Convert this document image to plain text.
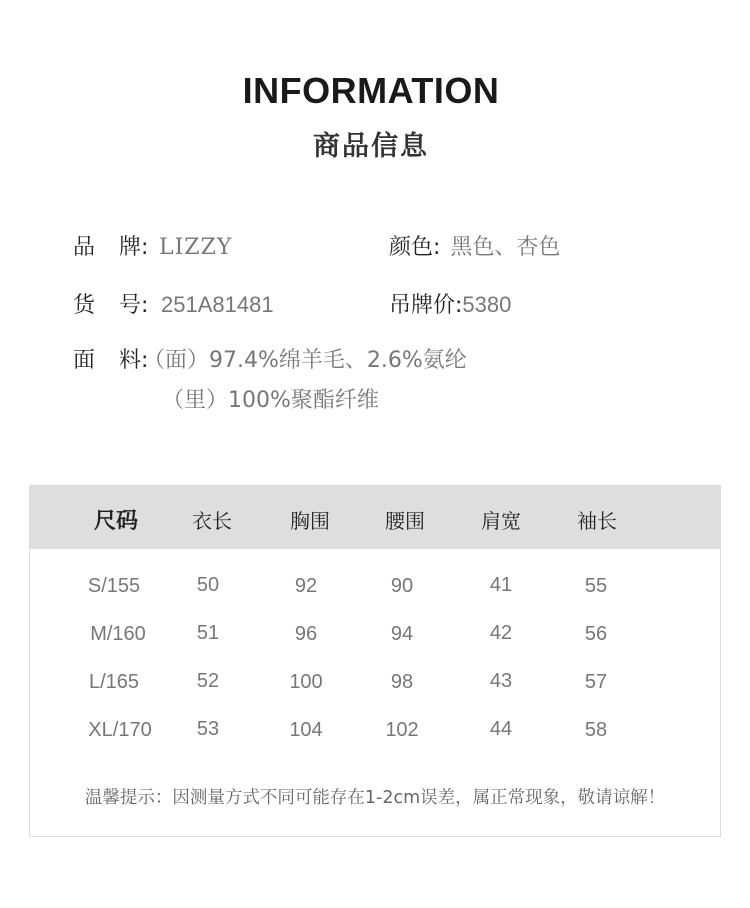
INFORMATION
商品信息
品 牌: LIZZY	颜色: 黑色、杏色
货 号: 251A81481	吊牌价:5380
面 料:（面）97.4%绵羊毛、2.6%氨纶
（里）100%聚酯纤维
尺码	衣长	胸围	腰围	肩宽	袖长
S/155	50	92	90	41	55
M/160	51	96	94	42	56
L/165	52	100	98	43	57
XL/170	53	104	102	44	58
温馨提示：因测量方式不同可能存在1-2cm误差，属正常现象，敬请谅解！
